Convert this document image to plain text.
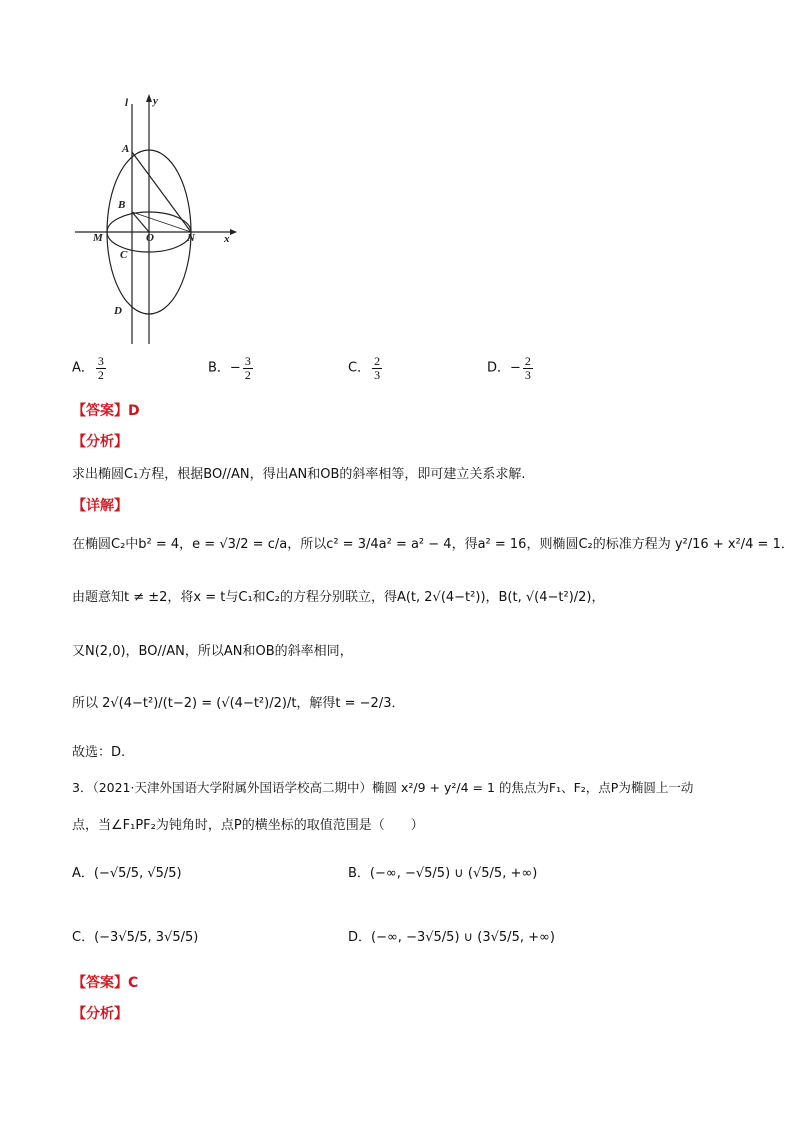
l y
x
A
B
C
D
M	O	N
A． $\frac{3}{2}$	B．− $\frac{3}{2}$	C． $\frac{2}{3}$	D．− $\frac{2}{3}$
【答案】D
【分析】
求出椭圆C₁方程，根据BO//AN，得出AN和OB的斜率相等，即可建立关系求解.
【详解】
在椭圆C₂中b² = 4，e = √3/2 = c/a，所以c² = 3/4a² = a² − 4，得a² = 16，则椭圆C₂的标准方程为 y²/16 + x²/4 = 1．
由题意知t ≠ ±2，将x = t与C₁和C₂的方程分别联立，得A(t, 2√(4−t²))，B(t, √(4−t²)/2)，
又N(2,0)，BO//AN，所以AN和OB的斜率相同，
所以 2√(4−t²)/(t−2) = (√(4−t²)/2)/t，解得t = −2/3．
故选：D.
3．（2021·天津外国语大学附属外国语学校高二期中）椭圆 x²/9 + y²/4 = 1 的焦点为F₁、F₂，点P为椭圆上一动
点，当∠F₁PF₂为钝角时，点P的横坐标的取值范围是（　　）
A．(−√5/5, √5/5)	B．(−∞, −√5/5) ∪ (√5/5, +∞)
C．(−3√5/5, 3√5/5)	D．(−∞, −3√5/5) ∪ (3√5/5, +∞)
【答案】C
【分析】
